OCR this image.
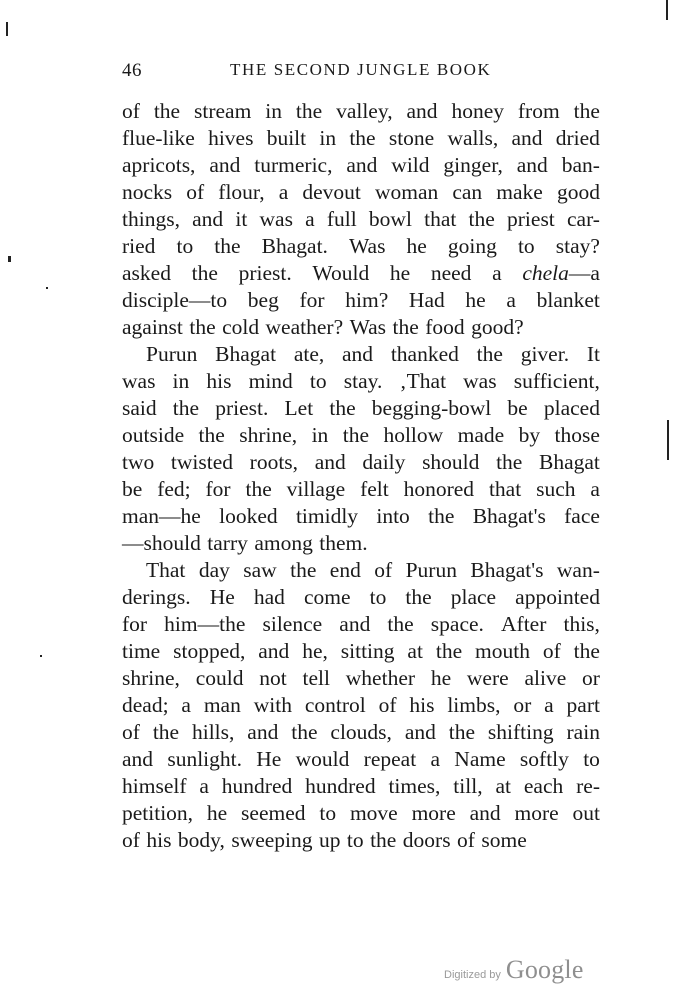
46	THE SECOND JUNGLE BOOK
of the stream in the valley, and honey from the
flue-like hives built in the stone walls, and dried
apricots, and turmeric, and wild ginger, and ban-
nocks of flour, a devout woman can make good
things, and it was a full bowl that the priest car-
ried to the Bhagat. Was he going to stay?
asked the priest. Would he need a chela—a
disciple—to beg for him? Had he a blanket
against the cold weather? Was the food good?
Purun Bhagat ate, and thanked the giver. It
was in his mind to stay. ‚That was sufficient,
said the priest. Let the begging-bowl be placed
outside the shrine, in the hollow made by those
two twisted roots, and daily should the Bhagat
be fed; for the village felt honored that such a
man—he looked timidly into the Bhagat's face
—should tarry among them.
That day saw the end of Purun Bhagat's wan-
derings. He had come to the place appointed
for him—the silence and the space. After this,
time stopped, and he, sitting at the mouth of the
shrine, could not tell whether he were alive or
dead; a man with control of his limbs, or a part
of the hills, and the clouds, and the shifting rain
and sunlight. He would repeat a Name softly to
himself a hundred hundred times, till, at each re-
petition, he seemed to move more and more out
of his body, sweeping up to the doors of some
Digitized by Google
